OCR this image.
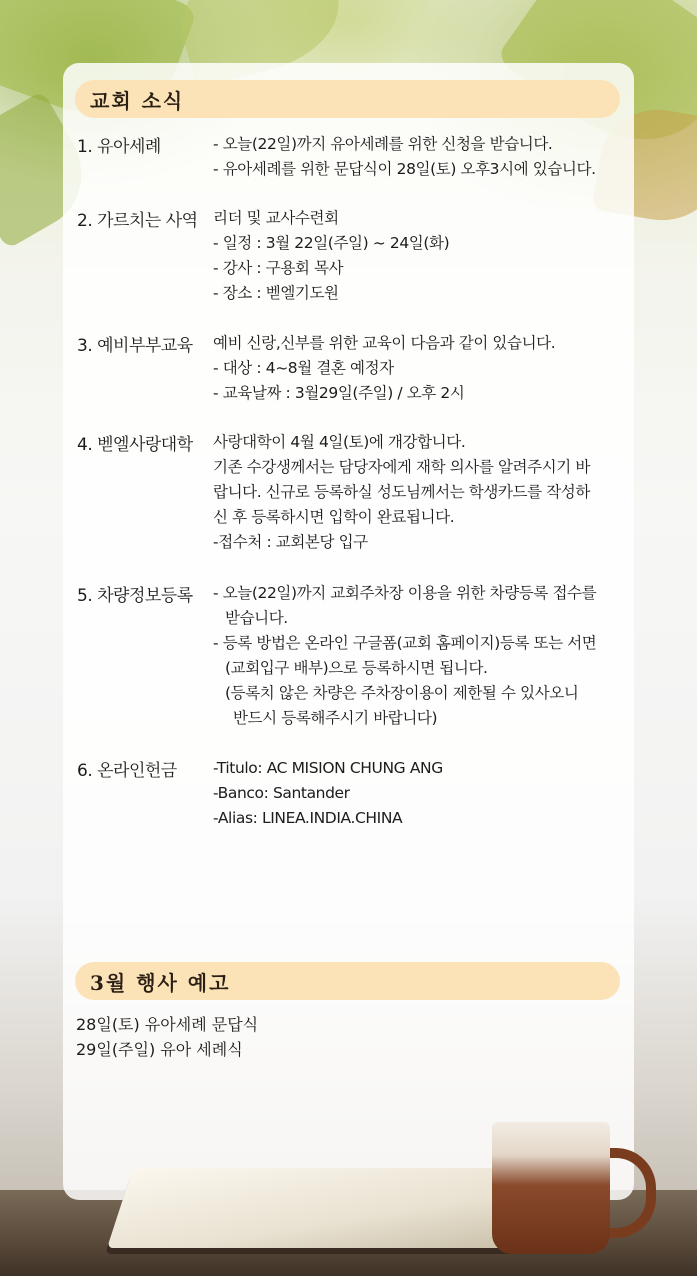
교회 소식
1. 유아세례	- 오늘(22일)까지 유아세례를 위한 신청을 받습니다.
- 유아세례를 위한 문답식이 28일(토) 오후3시에 있습니다.
2. 가르치는 사역 리더 및 교사수련회
- 일정 : 3월 22일(주일) ~ 24일(화)
- 강사 : 구용회 목사
- 장소 : 벧엘기도원
3. 예비부부교육 예비 신랑,신부를 위한 교육이 다음과 같이 있습니다.
- 대상 : 4~8월 결혼 예정자
- 교육날짜 : 3월29일(주일) / 오후 2시
4. 벧엘사랑대학 사랑대학이 4월 4일(토)에 개강합니다.
기존 수강생께서는 담당자에게 재학 의사를 알려주시기 바
랍니다. 신규로 등록하실 성도님께서는 학생카드를 작성하
신 후 등록하시면 입학이 완료됩니다.
-접수처 : 교회본당 입구
5. 차량정보등록 - 오늘(22일)까지 교회주차장 이용을 위한 차량등록 접수를
받습니다.
- 등록 방법은 온라인 구글폼(교회 홈페이지)등록 또는 서면
(교회입구 배부)으로 등록하시면 됩니다.
(등록치 않은 차량은 주차장이용이 제한될 수 있사오니
반드시 등록해주시기 바랍니다)
6. 온라인헌금 -Titulo: AC MISION CHUNG ANG
-Banco: Santander
-Alias: LINEA.INDIA.CHINA
3월 행사 예고
28일(토) 유아세례 문답식
29일(주일) 유아 세례식
